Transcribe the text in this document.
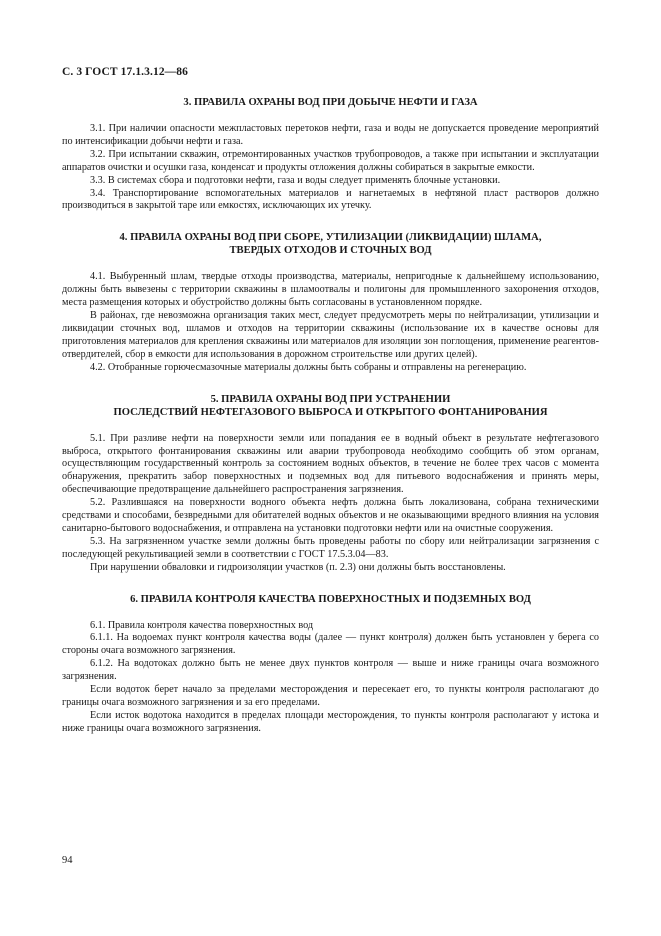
С. 3 ГОСТ 17.1.3.12—86
3. ПРАВИЛА ОХРАНЫ ВОД ПРИ ДОБЫЧЕ НЕФТИ И ГАЗА

3.1. При наличии опасности межпластовых перетоков нефти, газа и воды не допускается проведение мероприятий по интенсификации добычи нефти и газа.

3.2. При испытании скважин, отремонтированных участков трубопроводов, а также при испытании и эксплуатации аппаратов очистки и осушки газа, конденсат и продукты отложения должны собираться в закрытые емкости.

3.3. В системах сбора и подготовки нефти, газа и воды следует применять блочные установки.

3.4. Транспортирование вспомогательных материалов и нагнетаемых в нефтяной пласт растворов должно производиться в закрытой таре или емкостях, исключающих их утечку.

4. ПРАВИЛА ОХРАНЫ ВОД ПРИ СБОРЕ, УТИЛИЗАЦИИ (ЛИКВИДАЦИИ) ШЛАМА,
ТВЕРДЫХ ОТХОДОВ И СТОЧНЫХ ВОД

4.1. Выбуренный шлам, твердые отходы производства, материалы, непригодные к дальнейшему использованию, должны быть вывезены с территории скважины в шламоотвалы и полигоны для промышленного захоронения отходов, места размещения которых и обустройство должны быть согласованы в установленном порядке.

В районах, где невозможна организация таких мест, следует предусмотреть меры по нейтрализации, утилизации и ликвидации сточных вод, шламов и отходов на территории скважины (использование их в качестве основы для приготовления материалов для крепления скважины или материалов для изоляции зон поглощения, применение реагентов-отвердителей, сбор в емкости для использования в дорожном строительстве или других целей).

4.2. Отобранные горючесмазочные материалы должны быть собраны и отправлены на регенерацию.

5. ПРАВИЛА ОХРАНЫ ВОД ПРИ УСТРАНЕНИИ
ПОСЛЕДСТВИЙ НЕФТЕГАЗОВОГО ВЫБРОСА И ОТКРЫТОГО ФОНТАНИРОВАНИЯ

5.1. При разливе нефти на поверхности земли или попадания ее в водный объект в результате нефтегазового выброса, открытого фонтанирования скважины или аварии трубопровода необходимо сообщить об этом органам, осуществляющим государственный контроль за состоянием водных объектов, в течение не более трех часов с момента обнаружения, прекратить забор поверхностных и подземных вод для питьевого водоснабжения и принять меры, обеспечивающие предотвращение дальнейшего распространения загрязнения.

5.2. Разлившаяся на поверхности водного объекта нефть должна быть локализована, собрана техническими средствами и способами, безвредными для обитателей водных объектов и не оказывающими вредного влияния на условия санитарно-бытового водоснабжения, и отправлена на установки подготовки нефти или на очистные сооружения.

5.3. На загрязненном участке земли должны быть проведены работы по сбору или нейтрализации загрязнения с последующей рекультивацией земли в соответствии с ГОСТ 17.5.3.04—83.

При нарушении обваловки и гидроизоляции участков (п. 2.3) они должны быть восстановлены.

6. ПРАВИЛА КОНТРОЛЯ КАЧЕСТВА ПОВЕРХНОСТНЫХ И ПОДЗЕМНЫХ ВОД

6.1. Правила контроля качества поверхностных вод

6.1.1. На водоемах пункт контроля качества воды (далее — пункт контроля) должен быть установлен у берега со стороны очага возможного загрязнения.

6.1.2. На водотоках должно быть не менее двух пунктов контроля — выше и ниже границы очага возможного загрязнения.

Если водоток берет начало за пределами месторождения и пересекает его, то пункты контроля располагают до границы очага возможного загрязнения и за его пределами.

Если исток водотока находится в пределах площади месторождения, то пункты контроля располагают у истока и ниже границы очага возможного загрязнения.

94
